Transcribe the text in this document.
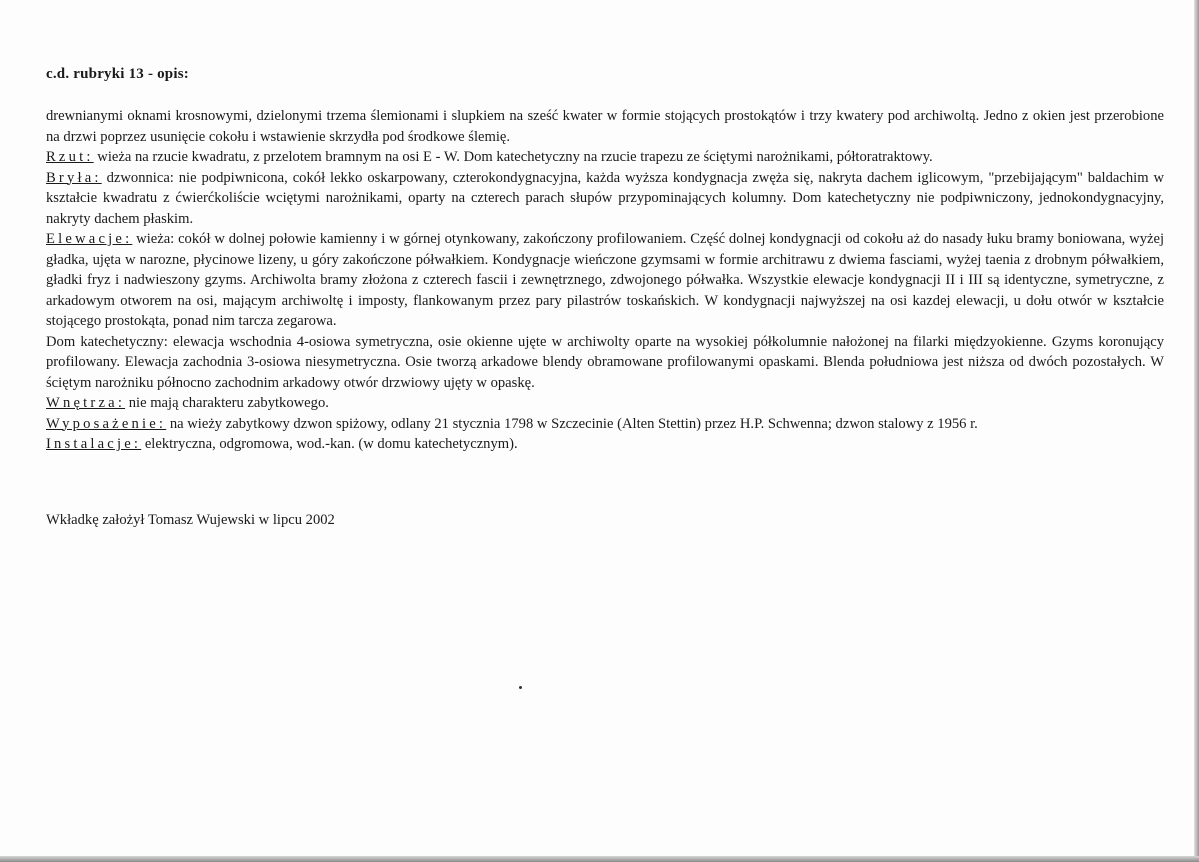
c.d. rubryki 13 - opis:

drewnianymi oknami krosnowymi, dzielonymi trzema ślemionami i slupkiem na sześć kwater w formie stojących prostokątów i trzy kwatery pod archiwoltą. Jedno z okien jest przerobione na drzwi poprzez usunięcie cokołu i wstawienie skrzydła pod środkowe ślemię.

Rzut: wieża na rzucie kwadratu, z przelotem bramnym na osi E - W. Dom katechetyczny na rzucie trapezu ze ściętymi narożnikami, półtoratraktowy.

Bryła: dzwonnica: nie podpiwnicona, cokół lekko oskarpowany, czterokondygnacyjna, każda wyższa kondygnacja zwęża się, nakryta dachem iglicowym, "przebijającym" baldachim w kształcie kwadratu z ćwierćkoliście wciętymi narożnikami, oparty na czterech parach słupów przypominających kolumny. Dom katechetyczny nie podpiwniczony, jednokondygnacyjny, nakryty dachem płaskim.

Elewacje: wieża: cokół w dolnej połowie kamienny i w górnej otynkowany, zakończony profilowaniem. Część dolnej kondygnacji od cokołu aż do nasady łuku bramy boniowana, wyżej gładka, ujęta w narozne, płycinowe lizeny, u góry zakończone półwałkiem. Kondygnacje wieńczone gzymsami w formie architrawu z dwiema fasciami, wyżej taenia z drobnym półwałkiem, gładki fryz i nadwieszony gzyms. Archiwolta bramy złożona z czterech fascii i zewnętrznego, zdwojonego półwałka. Wszystkie elewacje kondygnacji II i III są identyczne, symetryczne, z arkadowym otworem na osi, mającym archiwoltę i imposty, flankowanym przez pary pilastrów toskańskich. W kondygnacji najwyższej na osi kazdej elewacji, u dołu otwór w kształcie stojącego prostokąta, ponad nim tarcza zegarowa.

Dom katechetyczny: elewacja wschodnia 4-osiowa symetryczna, osie okienne ujęte w archiwolty oparte na wysokiej półkolumnie nałożonej na filarki międzyokienne. Gzyms koronujący profilowany. Elewacja zachodnia 3-osiowa niesymetryczna. Osie tworzą arkadowe blendy obramowane profilowanymi opaskami. Blenda południowa jest niższa od dwóch pozostałych. W ściętym narożniku północno zachodnim arkadowy otwór drzwiowy ujęty w opaskę.

Wnętrza: nie mają charakteru zabytkowego.

Wyposażenie: na wieży zabytkowy dzwon spiżowy, odlany 21 stycznia 1798 w Szczecinie (Alten Stettin) przez H.P. Schwenna; dzwon stalowy z 1956 r.

Instalacje: elektryczna, odgromowa, wod.-kan. (w domu katechetycznym).

Wkładkę założył Tomasz Wujewski w lipcu 2002
